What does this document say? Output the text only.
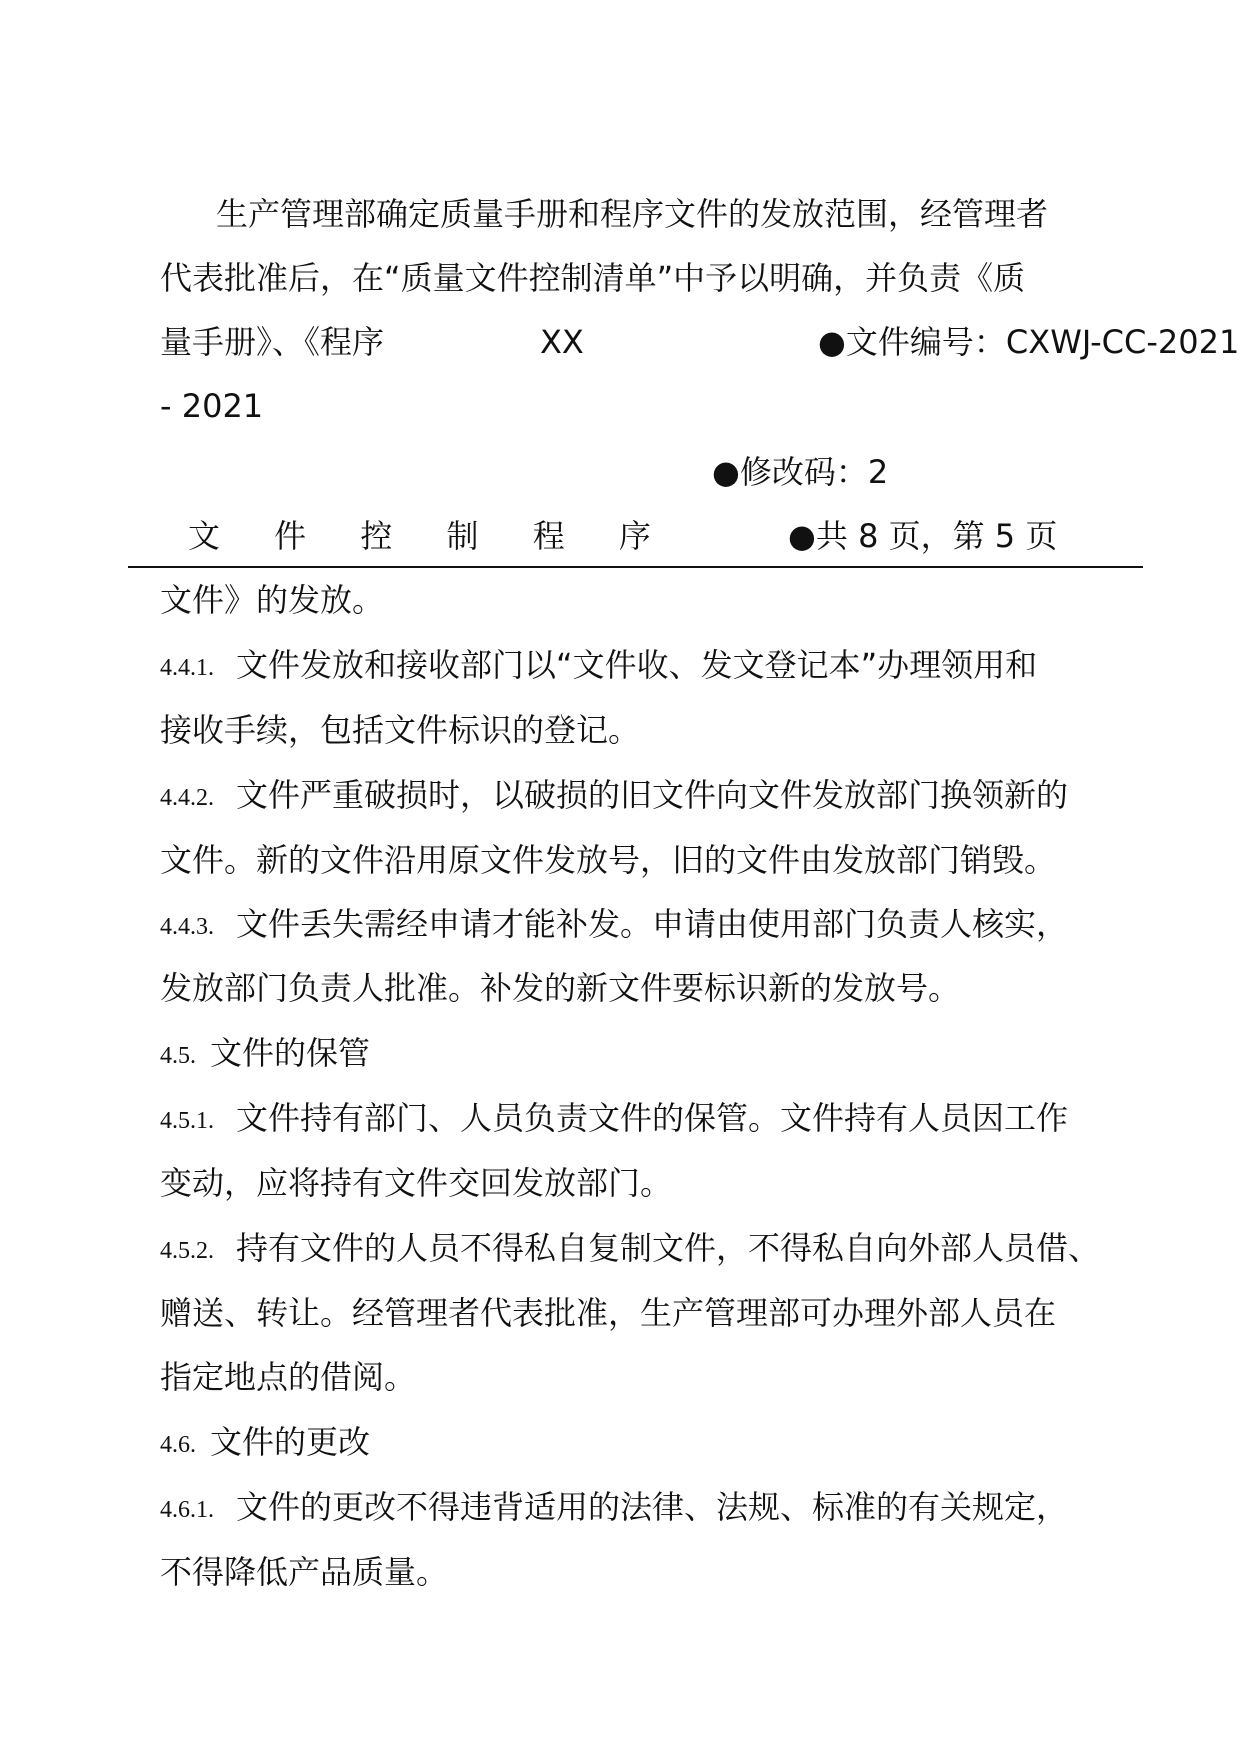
生产管理部确定质量手册和程序文件的发放范围，经管理者
代表批准后，在“质量文件控制清单”中予以明确，并负责《质
量手册》、《程序	XX	●文件编号：CXWJ-CC-2021
- 2021
●修改码：2
文 件 控 制 程 序	●共 8 页，第 5 页
文件》的发放。
4.4.1. 文件发放和接收部门以“文件收、发文登记本”办理领用和
接收手续，包括文件标识的登记。
4.4.2. 文件严重破损时，以破损的旧文件向文件发放部门换领新的
文件。新的文件沿用原文件发放号，旧的文件由发放部门销毁。
4.4.3. 文件丢失需经申请才能补发。申请由使用部门负责人核实，
发放部门负责人批准。补发的新文件要标识新的发放号。
4.5. 文件的保管
4.5.1. 文件持有部门、人员负责文件的保管。文件持有人员因工作
变动，应将持有文件交回发放部门。
4.5.2. 持有文件的人员不得私自复制文件，不得私自向外部人员借、
赠送、转让。经管理者代表批准，生产管理部可办理外部人员在
指定地点的借阅。
4.6. 文件的更改
4.6.1. 文件的更改不得违背适用的法律、法规、标准的有关规定，
不得降低产品质量。
